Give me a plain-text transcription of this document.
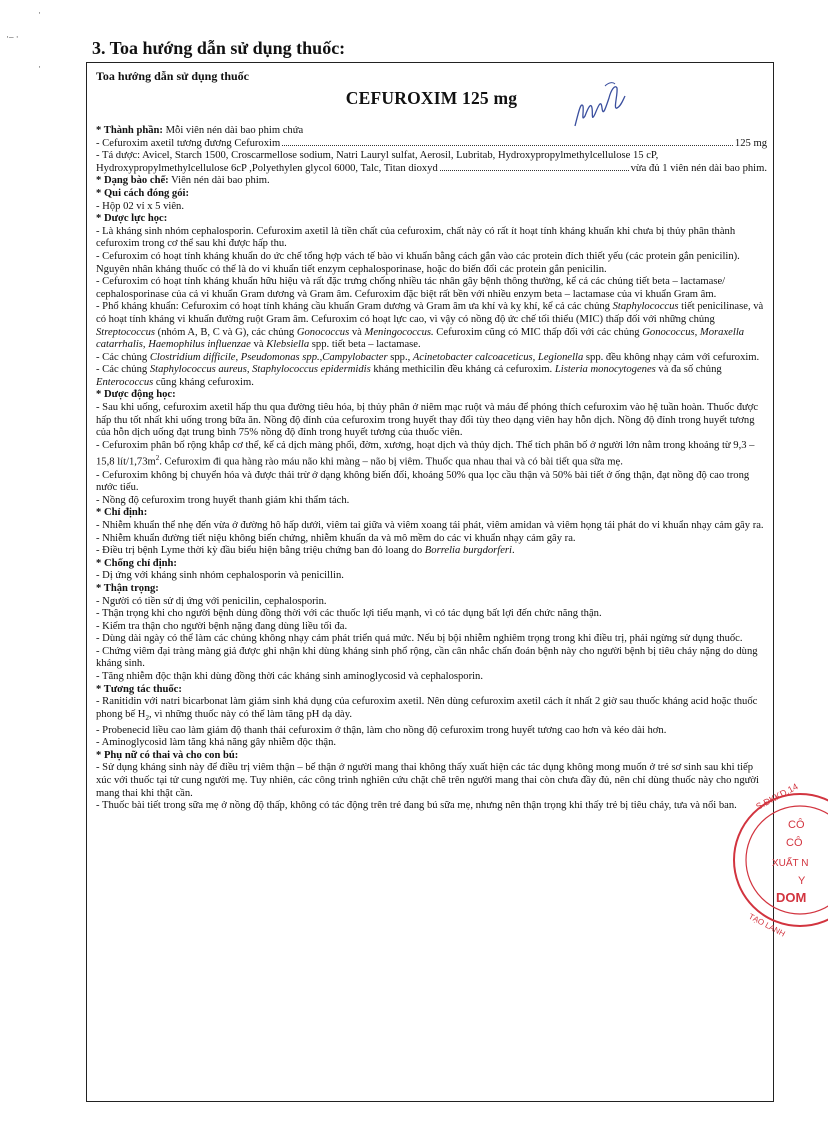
·
·– ·
·
3. Toa hướng dẫn sử dụng thuốc:
Toa hướng dẫn sử dụng thuốc
CEFUROXIM 125 mg

* Thành phần: Mỗi viên nén dài bao phim chứa

- Cefuroxim axetil tương đương Cefuroxim	125 mg

- Tá dược: Avicel, Starch 1500, Croscarmellose sodium, Natri Lauryl sulfat, Aerosil, Lubritab, Hydroxypropylmethylcellulose 15 cP,

Hydroxypropylmethylcellulose 6cP ,Polyethylen glycol 6000, Talc, Titan dioxyd	vừa đủ 1 viên nén dài bao phim.

* Dạng bào chế: Viên nén dài bao phim.

* Qui cách đóng gói:

- Hộp 02 vỉ x 5 viên.

* Dược lực học:

- Là kháng sinh nhóm cephalosporin. Cefuroxim axetil là tiền chất của cefuroxim, chất này có rất ít hoạt tính kháng khuẩn khi chưa bị thủy phân thành cefuroxim trong cơ thể sau khi được hấp thu.

- Cefuroxim có hoạt tính kháng khuẩn do ức chế tổng hợp vách tế bào vi khuẩn bằng cách gắn vào các protein đích thiết yếu (các protein gắn penicilin). Nguyên nhân kháng thuốc có thể là do vi khuẩn tiết enzym cephalosporinase, hoặc do biến đổi các protein gắn penicilin.

- Cefuroxim có hoạt tính kháng khuẩn hữu hiệu và rất đặc trưng chống nhiều tác nhân gây bệnh thông thường, kể cả các chủng tiết beta – lactamase/ cephalosporinase của cả vi khuẩn Gram dương và Gram âm. Cefuroxim đặc biệt rất bền với nhiều enzym beta – lactamase của vi khuẩn Gram âm.

- Phổ kháng khuẩn: Cefuroxim có hoạt tính kháng cầu khuẩn Gram dương và Gram âm ưa khí và kỵ khí, kể cả các chủng Staphylococcus tiết penicilinase, và có hoạt tính kháng vi khuẩn đường ruột Gram âm. Cefuroxim có hoạt lực cao, vì vậy có nồng độ ức chế tối thiểu (MIC) thấp đối với những chủng Streptococcus (nhóm A, B, C và G), các chủng Gonococcus và Meningococcus. Cefuroxim cũng có MIC thấp đối với các chủng Gonococcus, Moraxella catarrhalis, Haemophilus influenzae và Klebsiella spp. tiết beta – lactamase.

- Các chủng Clostridium difficile, Pseudomonas spp.,Campylobacter spp., Acinetobacter calcoaceticus, Legionella spp. đều không nhạy cảm với cefuroxim.

- Các chủng Staphylococcus aureus, Staphylococcus epidermidis kháng methicilin đều kháng cả cefuroxim. Listeria monocytogenes và đa số chủng Enterococcus cũng kháng cefuroxim.

* Dược động học:

- Sau khi uống, cefuroxim axetil hấp thu qua đường tiêu hóa, bị thủy phân ở niêm mạc ruột và máu để phóng thích cefuroxim vào hệ tuần hoàn. Thuốc được hấp thu tốt nhất khi uống trong bữa ăn. Nồng độ đỉnh của cefuroxim trong huyết thay đổi tùy theo dạng viên hay hỗn dịch. Nồng độ đỉnh trong huyết tương của hỗn dịch uống đạt trung bình 75% nồng độ đỉnh trong huyết tương của thuốc viên.

- Cefuroxim phân bố rộng khắp cơ thể, kể cả dịch màng phổi, đờm, xương, hoạt dịch và thủy dịch. Thể tích phân bố ở người lớn nằm trong khoảng từ 9,3 – 15,8 lít/$1,73m^2$. Cefuroxim đi qua hàng rào máu não khi màng – não bị viêm. Thuốc qua nhau thai và có bài tiết qua sữa mẹ.

- Cefuroxim không bị chuyển hóa và được thải trừ ở dạng không biến đổi, khoảng 50% qua lọc cầu thận và 50% bài tiết ở ống thận, đạt nồng độ cao trong nước tiểu.

- Nồng độ cefuroxim trong huyết thanh giảm khi thẩm tách.

* Chỉ định:

- Nhiễm khuẩn thể nhẹ đến vừa ở đường hô hấp dưới, viêm tai giữa và viêm xoang tái phát, viêm amidan và viêm họng tái phát do vi khuẩn nhạy cảm gây ra.

- Nhiễm khuẩn đường tiết niệu không biến chứng, nhiễm khuẩn da và mô mềm do các vi khuẩn nhạy cảm gây ra.

- Điều trị bệnh Lyme thời kỳ đầu biểu hiện bằng triệu chứng ban đỏ loang do Borrelia burgdorferi.

* Chống chỉ định:

- Dị ứng với kháng sinh nhóm cephalosporin và penicillin.

* Thận trọng:

- Người có tiền sử dị ứng với penicilin, cephalosporin.

- Thận trọng khi cho người bệnh dùng đồng thời với các thuốc lợi tiểu mạnh, vì có tác dụng bất lợi đến chức năng thận.

- Kiểm tra thận cho người bệnh nặng đang dùng liều tối đa.

- Dùng dài ngày có thể làm các chủng không nhạy cảm phát triển quá mức. Nếu bị bội nhiễm nghiêm trọng trong khi điều trị, phải ngừng sử dụng thuốc.

- Chứng viêm đại tràng màng giả được ghi nhận khi dùng kháng sinh phổ rộng, cần cân nhắc chẩn đoán bệnh này cho người bệnh bị tiêu chảy nặng do dùng kháng sinh.

- Tăng nhiễm độc thận khi dùng đồng thời các kháng sinh aminoglycosid và cephalosporin.

* Tương tác thuốc:

- Ranitidin với natri bicarbonat làm giảm sinh khả dụng của cefuroxim axetil. Nên dùng cefuroxim axetil cách ít nhất 2 giờ sau thuốc kháng acid hoặc thuốc phong bế $H_2$, vì những thuốc này có thể làm tăng pH dạ dày.

- Probenecid liều cao làm giảm độ thanh thải cefuroxim ở thận, làm cho nồng độ cefuroxim trong huyết tương cao hơn và kéo dài hơn.

- Aminoglycosid làm tăng khả năng gây nhiễm độc thận.

* Phụ nữ có thai và cho con bú:

- Sử dụng kháng sinh này để điều trị viêm thận – bể thận ở người mang thai không thấy xuất hiện các tác dụng không mong muốn ở trẻ sơ sinh sau khi tiếp xúc với thuốc tại tử cung người mẹ. Tuy nhiên, các công trình nghiên cứu chặt chẽ trên người mang thai còn chưa đầy đủ, nên chỉ dùng thuốc này cho người mang thai khi thật cần.

- Thuốc bài tiết trong sữa mẹ ở nồng độ thấp, không có tác động trên trẻ đang bú sữa mẹ, nhưng nên thận trọng khi thấy trẻ bị tiêu chảy, tưa và nổi ban.	S.ĐKKD.14
CÔ
CÔ
XUẤT N
Y
DOM
TẠO LANH
